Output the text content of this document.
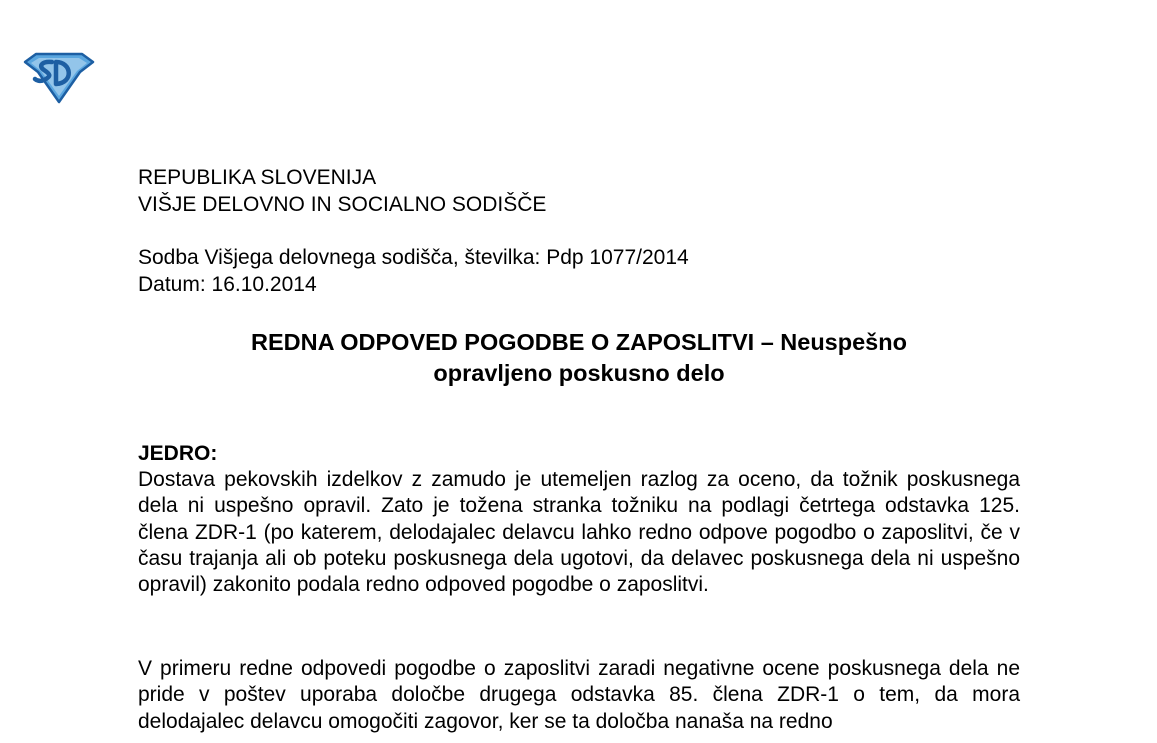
REPUBLIKA SLOVENIJA
VIŠJE DELOVNO IN SOCIALNO SODIŠČE
Sodba Višjega delovnega sodišča, številka: Pdp 1077/2014
Datum: 16.10.2014
REDNA ODPOVED POGODBE O ZAPOSLITVI – Neuspešno
opravljeno poskusno delo
JEDRO:

Dostava pekovskih izdelkov z zamudo je utemeljen razlog za oceno, da tožnik poskusnega dela ni uspešno opravil. Zato je tožena stranka tožniku na podlagi četrtega odstavka 125. člena ZDR-1 (po katerem, delodajalec delavcu lahko redno odpove pogodbo o zaposlitvi, če v času trajanja ali ob poteku poskusnega dela ugotovi, da delavec poskusnega dela ni uspešno opravil) zakonito podala redno odpoved pogodbe o zaposlitvi.

V primeru redne odpovedi pogodbe o zaposlitvi zaradi negativne ocene poskusnega dela ne pride v poštev uporaba določbe drugega odstavka 85. člena ZDR-1 o tem, da mora delodajalec delavcu omogočiti zagovor, ker se ta določba nanaša na redno
